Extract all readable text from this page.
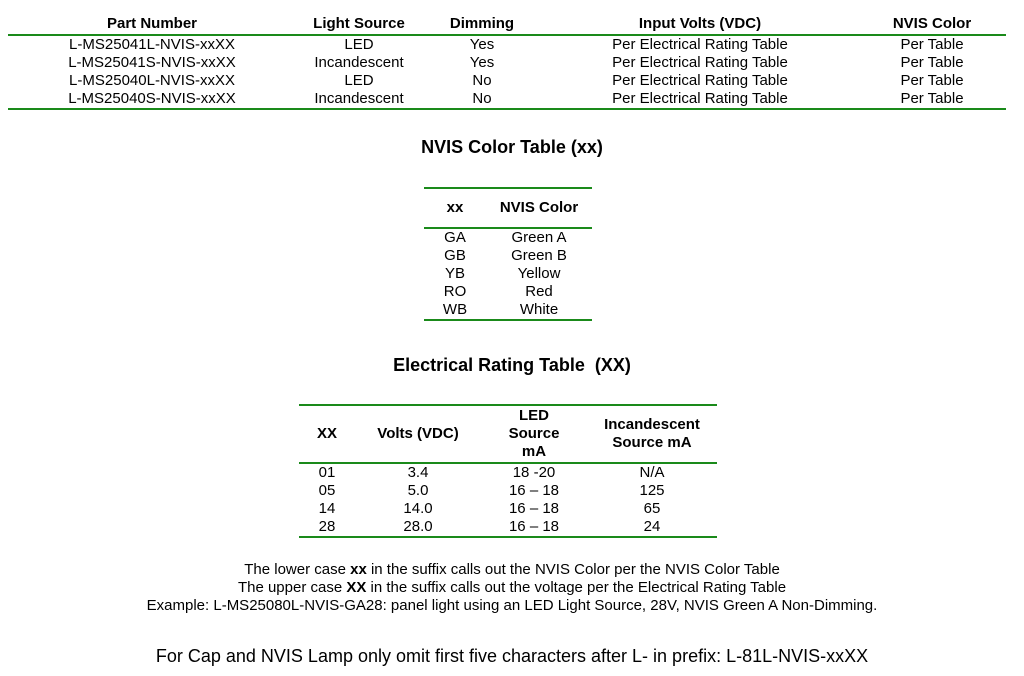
Part Number	Light Source	Dimming	Input Volts (VDC)	NVIS Color
L-MS25041L-NVIS-xxXX	LED	Yes	Per Electrical Rating Table	Per Table
L-MS25041S-NVIS-xxXX	Incandescent	Yes	Per Electrical Rating Table	Per Table
L-MS25040L-NVIS-xxXX	LED	No	Per Electrical Rating Table	Per Table
L-MS25040S-NVIS-xxXX	Incandescent	No	Per Electrical Rating Table	Per Table
NVIS Color Table (xx)
xx	NVIS Color
GA	Green A
GB	Green B
YB	Yellow
RO	Red
WB	White
Electrical Rating Table  (XX)
XX	Volts (VDC)	LED Source mA	Incandescent Source mA
01	3.4	18 -20	N/A
05	5.0	16 – 18	125
14	14.0	16 – 18	65
28	28.0	16 – 18	24
The lower case xx in the suffix calls out the NVIS Color per the NVIS Color Table
The upper case XX in the suffix calls out the voltage per the Electrical Rating Table
Example: L-MS25080L-NVIS-GA28: panel light using an LED Light Source, 28V, NVIS Green A Non-Dimming.
For Cap and NVIS Lamp only omit first five characters after L- in prefix: L-81L-NVIS-xxXX
